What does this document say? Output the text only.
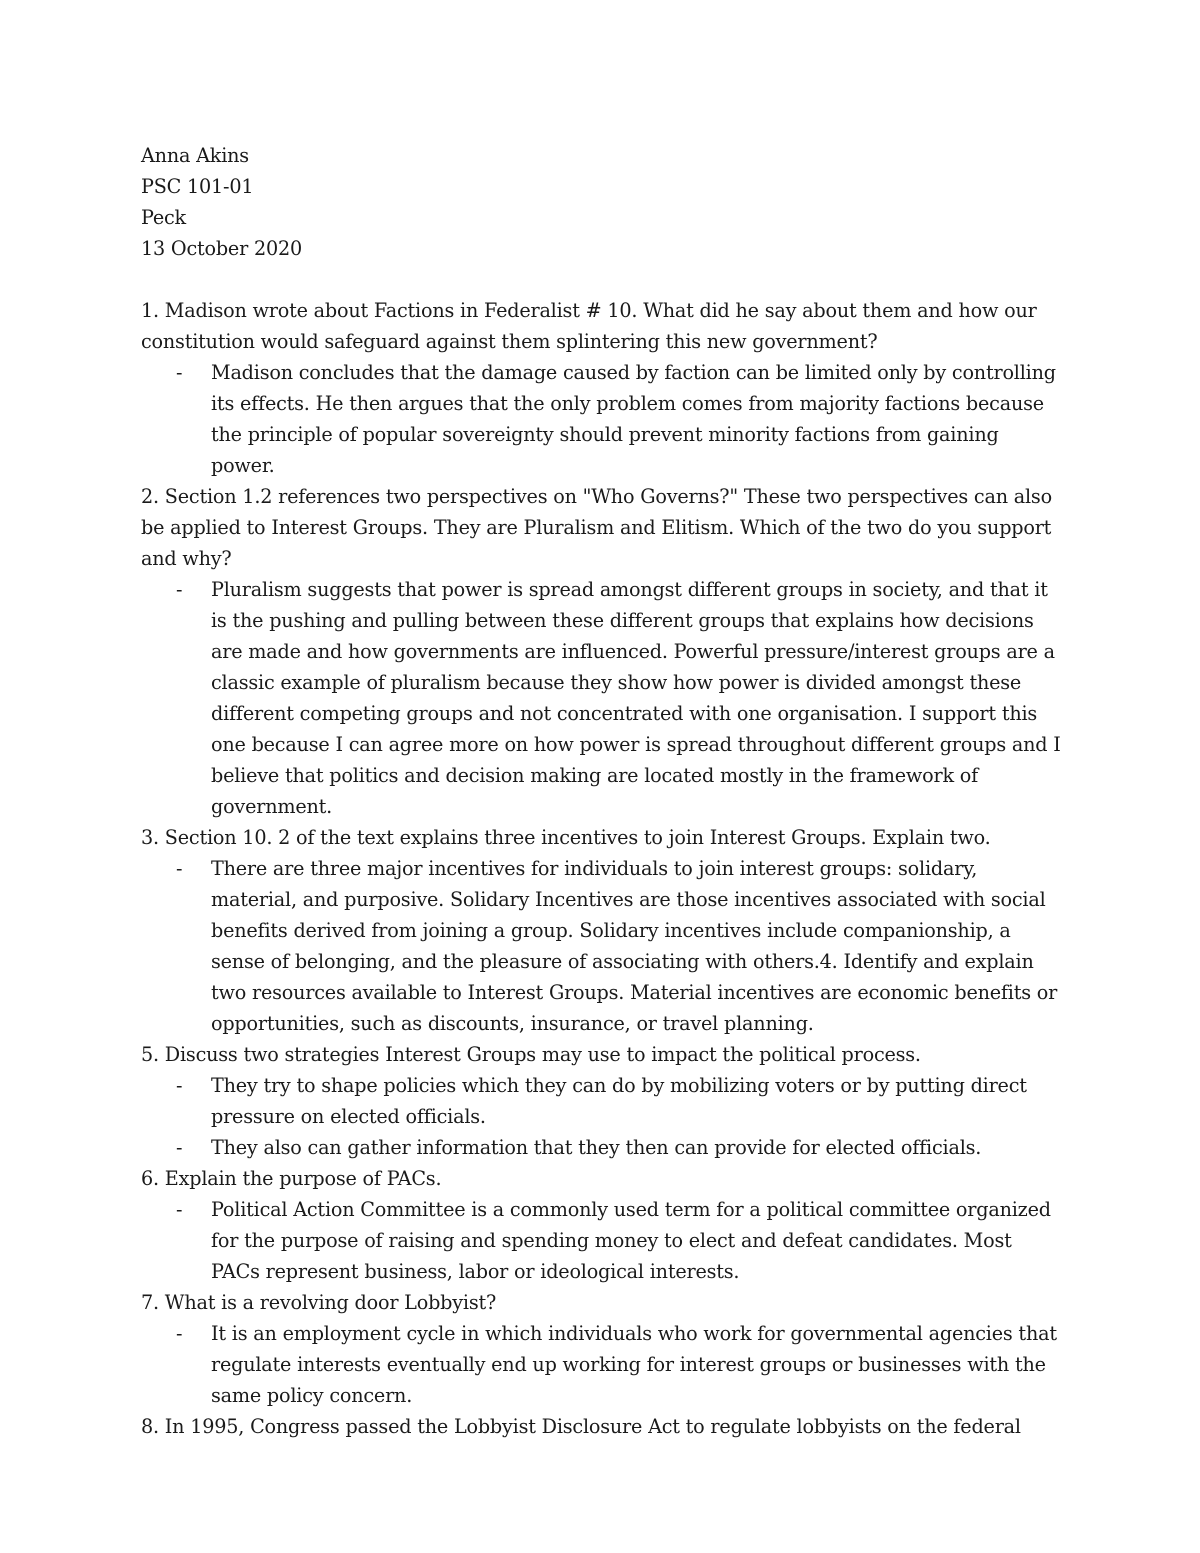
Anna Akins

PSC 101-01

Peck

13 October 2020

1. Madison wrote about Factions in Federalist # 10. What did he say about them and how our constitution would safeguard against them splintering this new government?

- Madison concludes that the damage caused by faction can be limited only by controlling its effects. He then argues that the only problem comes from majority factions because the principle of popular sovereignty should prevent minority factions from gaining power.

2. Section 1.2 references two perspectives on "Who Governs?" These two perspectives can also be applied to Interest Groups. They are Pluralism and Elitism. Which of the two do you support and why?

- Pluralism suggests that power is spread amongst different groups in society, and that it is the pushing and pulling between these different groups that explains how decisions are made and how governments are influenced. Powerful pressure/interest groups are a classic example of pluralism because they show how power is divided amongst these different competing groups and not concentrated with one organisation. I support this one because I can agree more on how power is spread throughout different groups and I believe that politics and decision making are located mostly in the framework of government.

3. Section 10. 2 of the text explains three incentives to join Interest Groups. Explain two.

- There are three major incentives for individuals to join interest groups: solidary, material, and purposive. Solidary Incentives are those incentives associated with social benefits derived from joining a group. Solidary incentives include companionship, a sense of belonging, and the pleasure of associating with others.4. Identify and explain two resources available to Interest Groups. Material incentives are economic benefits or opportunities, such as discounts, insurance, or travel planning.

5. Discuss two strategies Interest Groups may use to impact the political process.

- They try to shape policies which they can do by mobilizing voters or by putting direct pressure on elected officials.

- They also can gather information that they then can provide for elected officials.

6. Explain the purpose of PACs.

- Political Action Committee is a commonly used term for a political committee organized for the purpose of raising and spending money to elect and defeat candidates. Most PACs represent business, labor or ideological interests.

7. What is a revolving door Lobbyist?

- It is an employment cycle in which individuals who work for governmental agencies that regulate interests eventually end up working for interest groups or businesses with the same policy concern.

8. In 1995, Congress passed the Lobbyist Disclosure Act to regulate lobbyists on the federal
